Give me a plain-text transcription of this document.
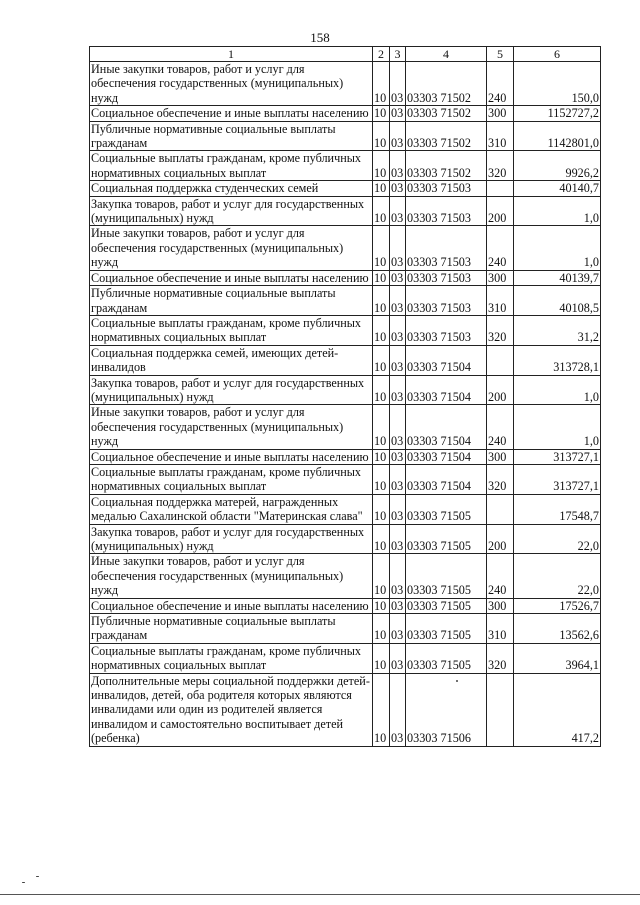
158
1	2	3	4	5	6
Иные закупки товаров, работ и услуг для обеспечения государственных (муниципальных) нужд	10	03	03303 71502	240	150,0
Социальное обеспечение и иные выплаты населению	10	03	03303 71502	300	1152727,2
Публичные нормативные социальные выплаты гражданам	10	03	03303 71502	310	1142801,0
Социальные выплаты гражданам, кроме публичных нормативных социальных выплат	10	03	03303 71502	320	9926,2
Социальная поддержка студенческих семей	10	03	03303 71503		40140,7
Закупка товаров, работ и услуг для государственных (муниципальных) нужд	10	03	03303 71503	200	1,0
Иные закупки товаров, работ и услуг для обеспечения государственных (муниципальных) нужд	10	03	03303 71503	240	1,0
Социальное обеспечение и иные выплаты населению	10	03	03303 71503	300	40139,7
Публичные нормативные социальные выплаты гражданам	10	03	03303 71503	310	40108,5
Социальные выплаты гражданам, кроме публичных нормативных социальных выплат	10	03	03303 71503	320	31,2
Социальная поддержка семей, имеющих детей-инвалидов	10	03	03303 71504		313728,1
Закупка товаров, работ и услуг для государственных (муниципальных) нужд	10	03	03303 71504	200	1,0
Иные закупки товаров, работ и услуг для обеспечения государственных (муниципальных) нужд	10	03	03303 71504	240	1,0
Социальное обеспечение и иные выплаты населению	10	03	03303 71504	300	313727,1
Социальные выплаты гражданам, кроме публичных нормативных социальных выплат	10	03	03303 71504	320	313727,1
Социальная поддержка матерей, награжденных медалью Сахалинской области "Материнская слава"	10	03	03303 71505		17548,7
Закупка товаров, работ и услуг для государственных (муниципальных) нужд	10	03	03303 71505	200	22,0
Иные закупки товаров, работ и услуг для обеспечения государственных (муниципальных) нужд	10	03	03303 71505	240	22,0
Социальное обеспечение и иные выплаты населению	10	03	03303 71505	300	17526,7
Публичные нормативные социальные выплаты гражданам	10	03	03303 71505	310	13562,6
Социальные выплаты гражданам, кроме публичных нормативных социальных выплат	10	03	03303 71505	320	3964,1
Дополнительные меры социальной поддержки детей-инвалидов, детей, оба родителя которых являются инвалидами или один из родителей является инвалидом и самостоятельно воспитывает детей (ребенка)	10	03	03303 71506		417,2
